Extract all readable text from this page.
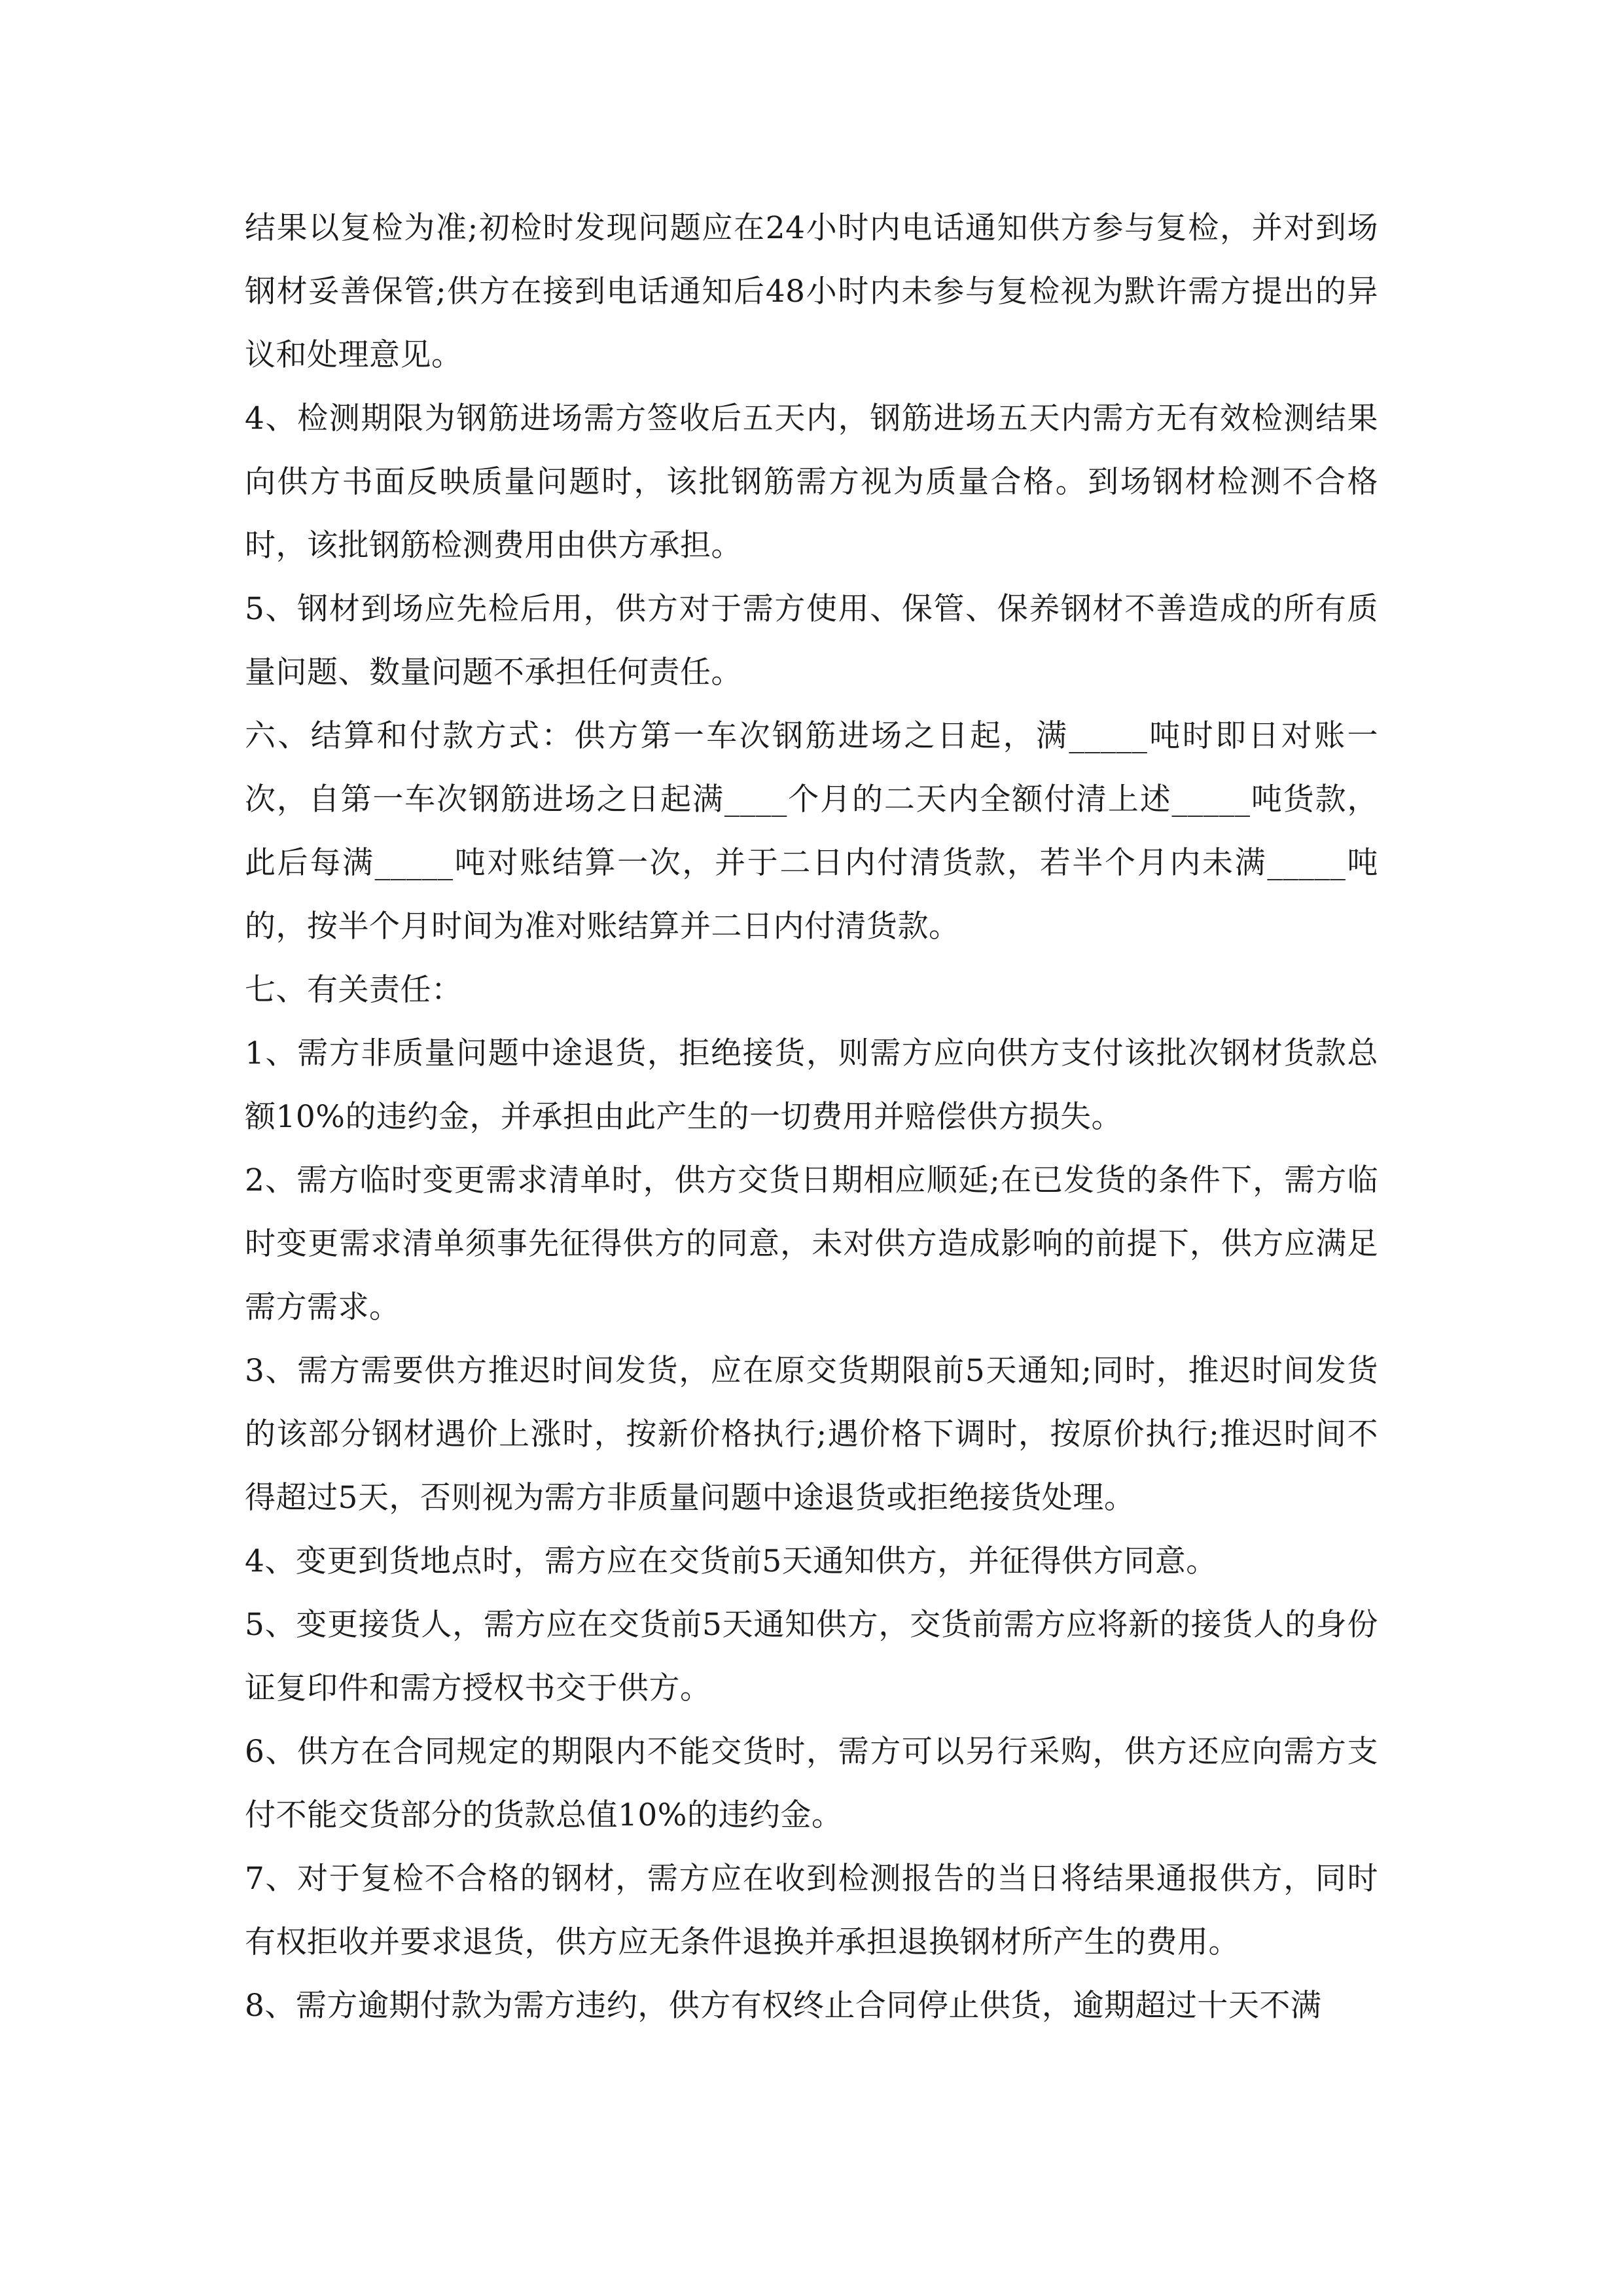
结果以复检为准;初检时发现问题应在24小时内电话通知供方参与复检，并对到场钢材妥善保管;供方在接到电话通知后48小时内未参与复检视为默许需方提出的异议和处理意见。

4、检测期限为钢筋进场需方签收后五天内，钢筋进场五天内需方无有效检测结果向供方书面反映质量问题时，该批钢筋需方视为质量合格。到场钢材检测不合格时，该批钢筋检测费用由供方承担。

5、钢材到场应先检后用，供方对于需方使用、保管、保养钢材不善造成的所有质量问题、数量问题不承担任何责任。

六、结算和付款方式：供方第一车次钢筋进场之日起，满_____吨时即日对账一次，自第一车次钢筋进场之日起满____个月的二天内全额付清上述_____吨货款，此后每满_____吨对账结算一次，并于二日内付清货款，若半个月内未满_____吨的，按半个月时间为准对账结算并二日内付清货款。

七、有关责任：

1、需方非质量问题中途退货，拒绝接货，则需方应向供方支付该批次钢材货款总额10%的违约金，并承担由此产生的一切费用并赔偿供方损失。

2、需方临时变更需求清单时，供方交货日期相应顺延;在已发货的条件下，需方临时变更需求清单须事先征得供方的同意，未对供方造成影响的前提下，供方应满足需方需求。

3、需方需要供方推迟时间发货，应在原交货期限前5天通知;同时，推迟时间发货的该部分钢材遇价上涨时，按新价格执行;遇价格下调时，按原价执行;推迟时间不得超过5天，否则视为需方非质量问题中途退货或拒绝接货处理。

4、变更到货地点时，需方应在交货前5天通知供方，并征得供方同意。

5、变更接货人，需方应在交货前5天通知供方，交货前需方应将新的接货人的身份证复印件和需方授权书交于供方。

6、供方在合同规定的期限内不能交货时，需方可以另行采购，供方还应向需方支付不能交货部分的货款总值10%的违约金。

7、对于复检不合格的钢材，需方应在收到检测报告的当日将结果通报供方，同时有权拒收并要求退货，供方应无条件退换并承担退换钢材所产生的费用。

8、需方逾期付款为需方违约，供方有权终止合同停止供货，逾期超过十天不满
